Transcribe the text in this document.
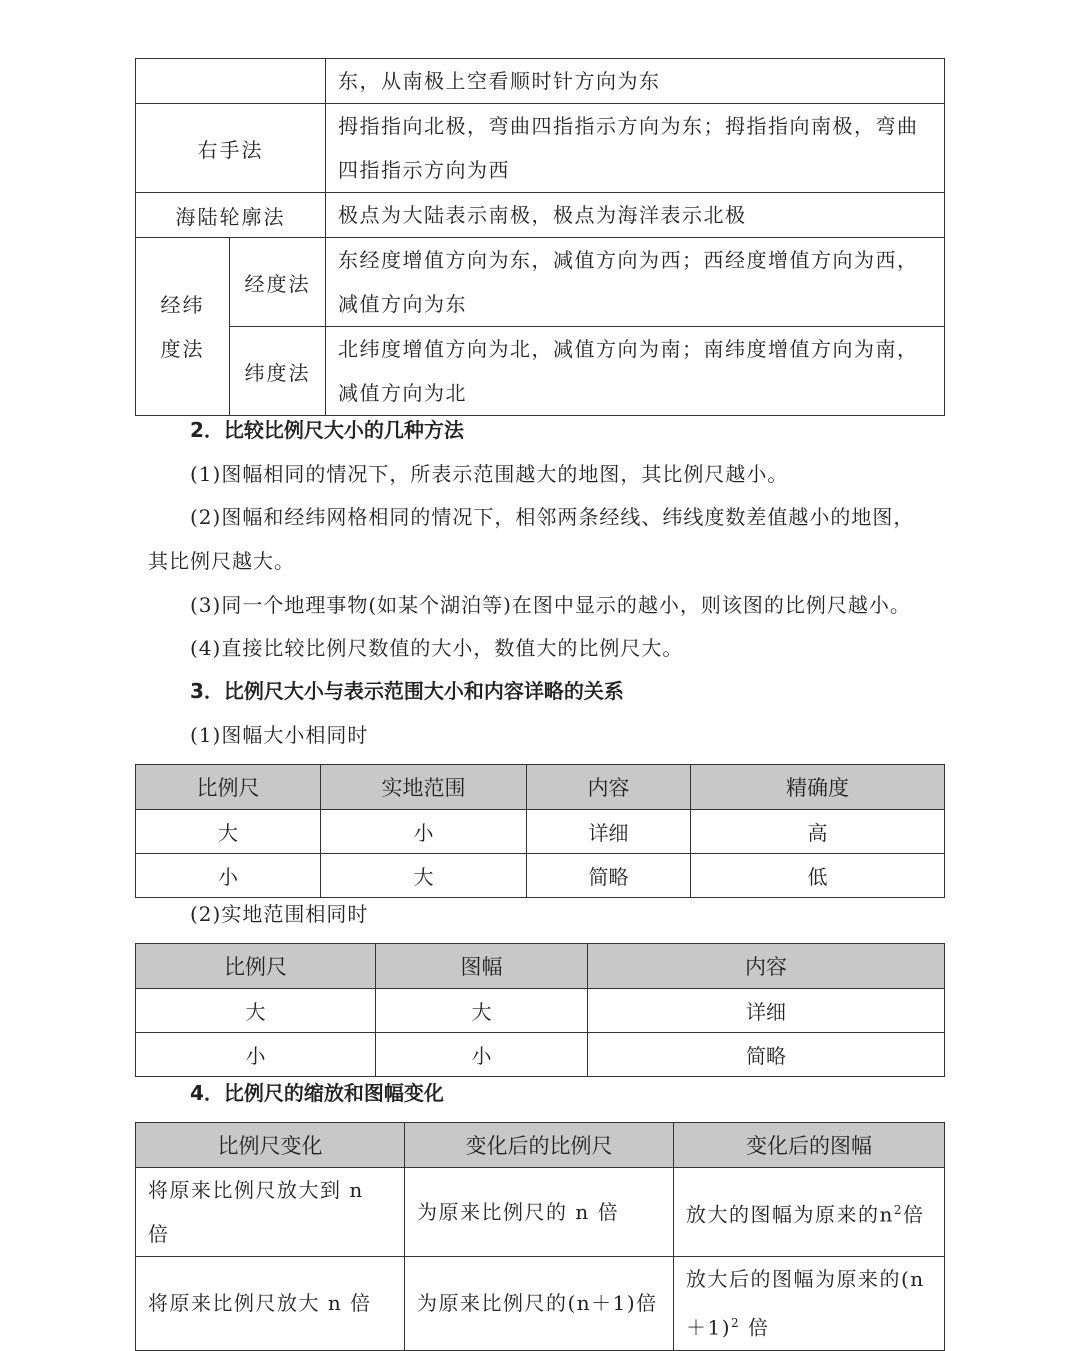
		东，从南极上空看顺时针方向为东
右手法		拇指指向北极，弯曲四指指示方向为东；拇指指向南极，弯曲四指指示方向为西
海陆轮廓法		极点为大陆表示南极，极点为海洋表示北极
经纬
度法	经度法	东经度增值方向为东，减值方向为西；西经度增值方向为西，减值方向为东
	纬度法	北纬度增值方向为北，减值方向为南；南纬度增值方向为南，减值方向为北
2．比较比例尺大小的几种方法
(1)图幅相同的情况下，所表示范围越大的地图，其比例尺越小。
(2)图幅和经纬网格相同的情况下，相邻两条经线、纬线度数差值越小的地图，
其比例尺越大。
(3)同一个地理事物(如某个湖泊等)在图中显示的越小，则该图的比例尺越小。
(4)直接比较比例尺数值的大小，数值大的比例尺大。
3．比例尺大小与表示范围大小和内容详略的关系
(1)图幅大小相同时
比例尺	实地范围	内容	精确度
大	小	详细	高
小	大	简略	低
(2)实地范围相同时
比例尺	图幅	内容
大	大	详细
小	小	简略
4．比例尺的缩放和图幅变化
比例尺变化	变化后的比例尺	变化后的图幅
将原来比例尺放大到 n 倍	为原来比例尺的 n 倍	放大的图幅为原来的$n^2$倍
将原来比例尺放大 n 倍	为原来比例尺的(n＋1)倍	放大后的图幅为原来的(n
＋1)$^2$ 倍
